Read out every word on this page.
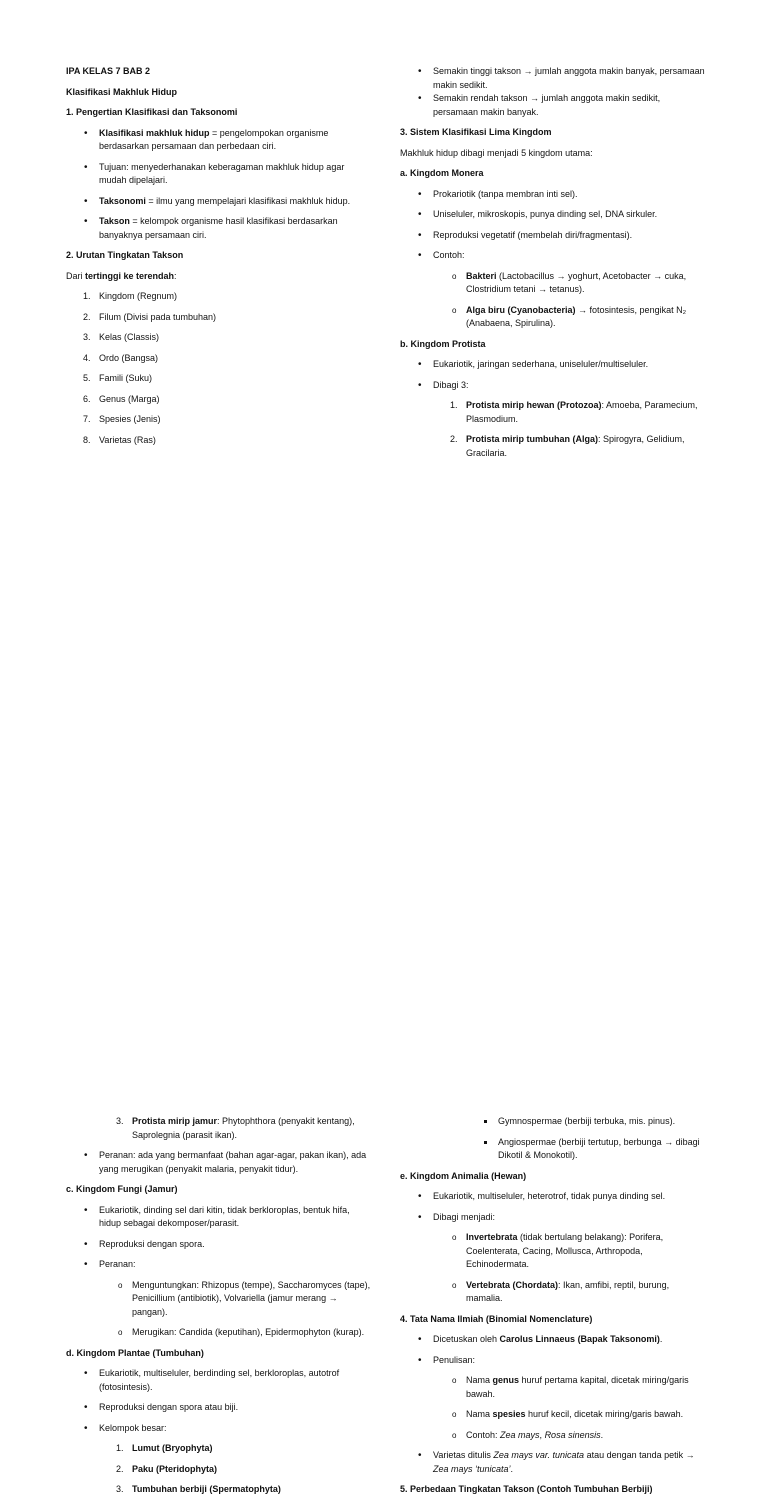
IPA KELAS 7 BAB 2
Klasifikasi Makhluk Hidup
1. Pengertian Klasifikasi dan Taksonomi
• Klasifikasi makhluk hidup = pengelompokan organisme berdasarkan persamaan dan perbedaan ciri.
• Tujuan: menyederhanakan keberagaman makhluk hidup agar mudah dipelajari.
• Taksonomi = ilmu yang mempelajari klasifikasi makhluk hidup.
• Takson = kelompok organisme hasil klasifikasi berdasarkan banyaknya persamaan ciri.
2. Urutan Tingkatan Takson
Dari tertinggi ke terendah:
1. Kingdom (Regnum)
2. Filum (Divisi pada tumbuhan)
3. Kelas (Classis)
4. Ordo (Bangsa)
5. Famili (Suku)
6. Genus (Marga)
7. Spesies (Jenis)
8. Varietas (Ras)
• Semakin tinggi takson → jumlah anggota makin banyak, persamaan makin sedikit.
• Semakin rendah takson → jumlah anggota makin sedikit, persamaan makin banyak.
3. Sistem Klasifikasi Lima Kingdom
Makhluk hidup dibagi menjadi 5 kingdom utama:
a. Kingdom Monera
• Prokariotik (tanpa membran inti sel).
• Uniseluler, mikroskopis, punya dinding sel, DNA sirkuler.
• Reproduksi vegetatif (membelah diri/fragmentasi).
• Contoh:
o Bakteri (Lactobacillus → yoghurt, Acetobacter → cuka, Clostridium tetani → tetanus).
o Alga biru (Cyanobacteria) → fotosintesis, pengikat N₂ (Anabaena, Spirulina).
b. Kingdom Protista
• Eukariotik, jaringan sederhana, uniseluler/multiseluler.
• Dibagi 3:
1. Protista mirip hewan (Protozoa): Amoeba, Paramecium, Plasmodium.
2. Protista mirip tumbuhan (Alga): Spirogyra, Gelidium, Gracilaria.
3. Protista mirip jamur: Phytophthora (penyakit kentang), Saprolegnia (parasit ikan).
• Peranan: ada yang bermanfaat (bahan agar-agar, pakan ikan), ada yang merugikan (penyakit malaria, penyakit tidur).
c. Kingdom Fungi (Jamur)
• Eukariotik, dinding sel dari kitin, tidak berkloroplas, bentuk hifa, hidup sebagai dekomposer/parasit.
• Reproduksi dengan spora.
• Peranan:
o Menguntungkan: Rhizopus (tempe), Saccharomyces (tape), Penicillium (antibiotik), Volvariella (jamur merang → pangan).
o Merugikan: Candida (keputihan), Epidermophyton (kurap).
d. Kingdom Plantae (Tumbuhan)
• Eukariotik, multiseluler, berdinding sel, berkloroplas, autotrof (fotosintesis).
• Reproduksi dengan spora atau biji.
• Kelompok besar:
1. Lumut (Bryophyta)
2. Paku (Pteridophyta)
3. Tumbuhan berbiji (Spermatophyta)
Gymnospermae (berbiji terbuka, mis. pinus).
Angiospermae (berbiji tertutup, berbunga → dibagi Dikotil & Monokotil).
e. Kingdom Animalia (Hewan)
• Eukariotik, multiseluler, heterotrof, tidak punya dinding sel.
• Dibagi menjadi:
o Invertebrata (tidak bertulang belakang): Porifera, Coelenterata, Cacing, Mollusca, Arthropoda, Echinodermata.
o Vertebrata (Chordata): Ikan, amfibi, reptil, burung, mamalia.
4. Tata Nama Ilmiah (Binomial Nomenclature)
• Dicetuskan oleh Carolus Linnaeus (Bapak Taksonomi).
• Penulisan:
o Nama genus huruf pertama kapital, dicetak miring/garis bawah.
o Nama spesies huruf kecil, dicetak miring/garis bawah.
o Contoh: Zea mays, Rosa sinensis.
• Varietas ditulis Zea mays var. tunicata atau dengan tanda petik → Zea mays ‘tunicata’.
5. Perbedaan Tingkatan Takson (Contoh Tumbuhan Berbiji)
